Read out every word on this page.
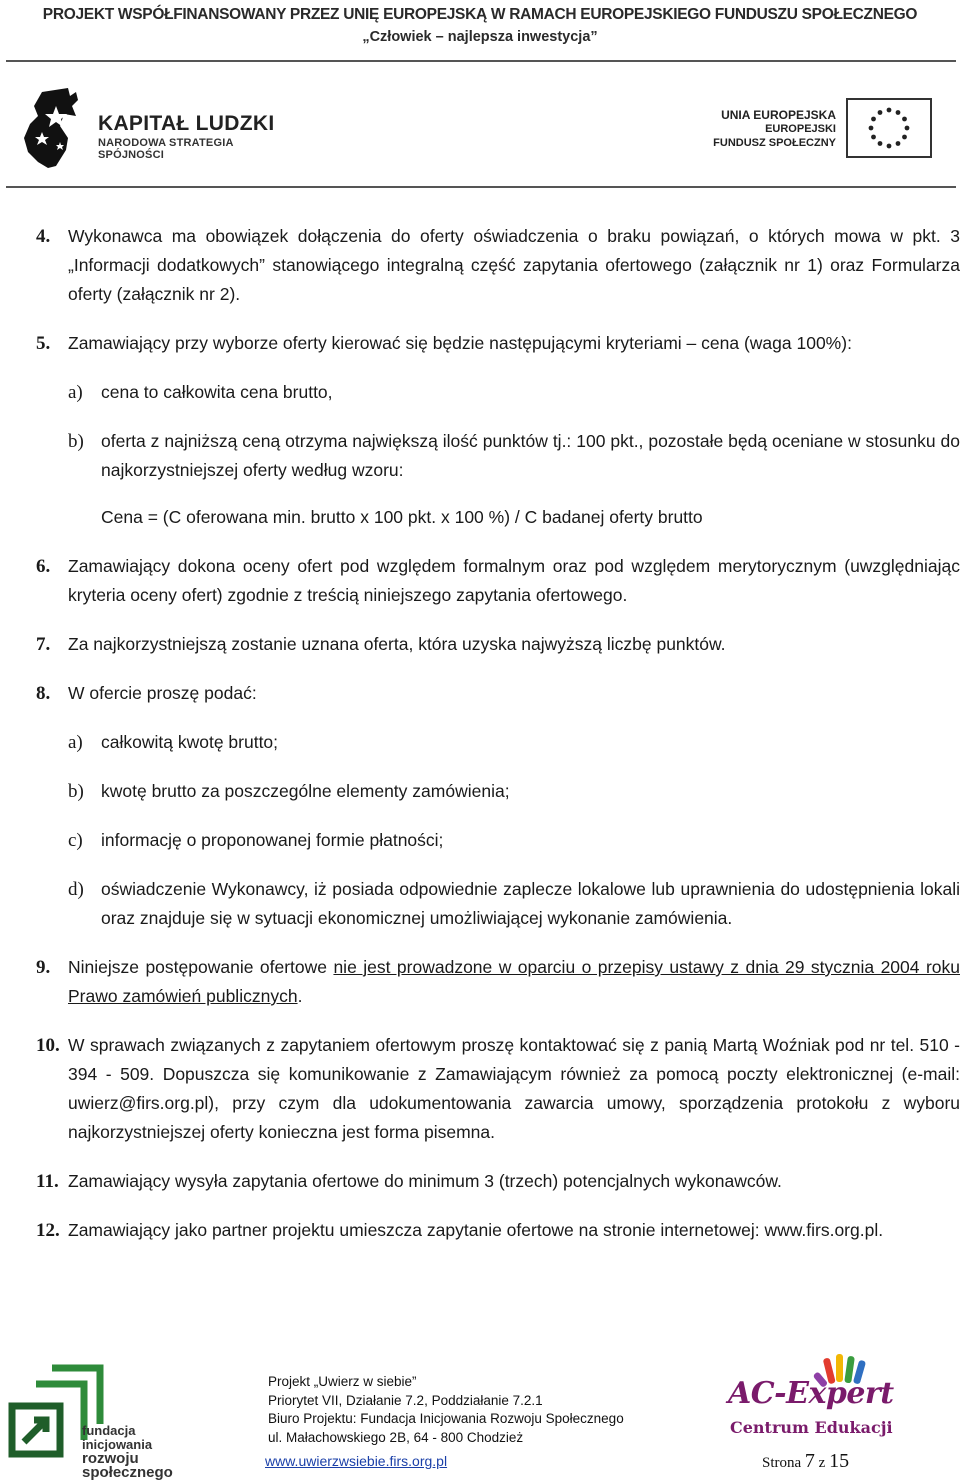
PROJEKT WSPÓŁFINANSOWANY PRZEZ UNIĘ EUROPEJSKĄ W RAMACH EUROPEJSKIEGO FUNDUSZU SPOŁECZNEGO
„Człowiek – najlepsza inwestycja”
KAPITAŁ LUDZKI
NARODOWA STRATEGIA SPÓJNOŚCI
UNIA EUROPEJSKA
EUROPEJSKI
FUNDUSZ SPOŁECZNY
4. Wykonawca ma obowiązek dołączenia do oferty oświadczenia o braku powiązań, o których mowa w pkt. 3 „Informacji dodatkowych” stanowiącego integralną część zapytania ofertowego (załącznik nr 1) oraz Formularza oferty (załącznik nr 2).
5. Zamawiający przy wyborze oferty kierować się będzie następującymi kryteriami – cena (waga 100%):
a) cena to całkowita cena brutto,
b) oferta z najniższą ceną otrzyma największą ilość punktów tj.: 100 pkt., pozostałe będą oceniane w stosunku do najkorzystniejszej oferty według wzoru:
Cena = (C oferowana min. brutto x 100 pkt. x 100 %) / C badanej oferty brutto
6. Zamawiający dokona oceny ofert pod względem formalnym oraz pod względem merytorycznym (uwzględniając kryteria oceny ofert) zgodnie z treścią niniejszego zapytania ofertowego.
7. Za najkorzystniejszą zostanie uznana oferta, która uzyska najwyższą liczbę punktów.
8. W ofercie proszę podać:
a) całkowitą kwotę brutto;
b) kwotę brutto za poszczególne elementy zamówienia;
c) informację o proponowanej formie płatności;
d) oświadczenie Wykonawcy, iż posiada odpowiednie zaplecze lokalowe lub uprawnienia do udostępnienia lokali oraz znajduje się w sytuacji ekonomicznej umożliwiającej wykonanie zamówienia.
9. Niniejsze postępowanie ofertowe nie jest prowadzone w oparciu o przepisy ustawy z dnia 29 stycznia 2004 roku Prawo zamówień publicznych.
10. W sprawach związanych z zapytaniem ofertowym proszę kontaktować się z panią Martą Woźniak pod nr tel. 510 - 394 - 509. Dopuszcza się komunikowanie z Zamawiającym również za pomocą poczty elektronicznej (e-mail: uwierz@firs.org.pl), przy czym dla udokumentowania zawarcia umowy, sporządzenia protokołu z wyboru najkorzystniejszej oferty konieczna jest forma pisemna.
11. Zamawiający wysyła zapytania ofertowe do minimum 3 (trzech) potencjalnych wykonawców.
12. Zamawiający jako partner projektu umieszcza zapytanie ofertowe na stronie internetowej: www.firs.org.pl.
fundacja inicjowania
rozwoju społecznego
Projekt „Uwierz w siebie”
Priorytet VII, Działanie 7.2, Poddziałanie 7.2.1
Biuro Projektu: Fundacja Inicjowania Rozwoju Społecznego
ul. Małachowskiego 2B, 64 - 800 Chodzież
www.uwierzwsiebie.firs.org.pl
AC-Expert
Centrum Edukacji
Strona 7 z 15
